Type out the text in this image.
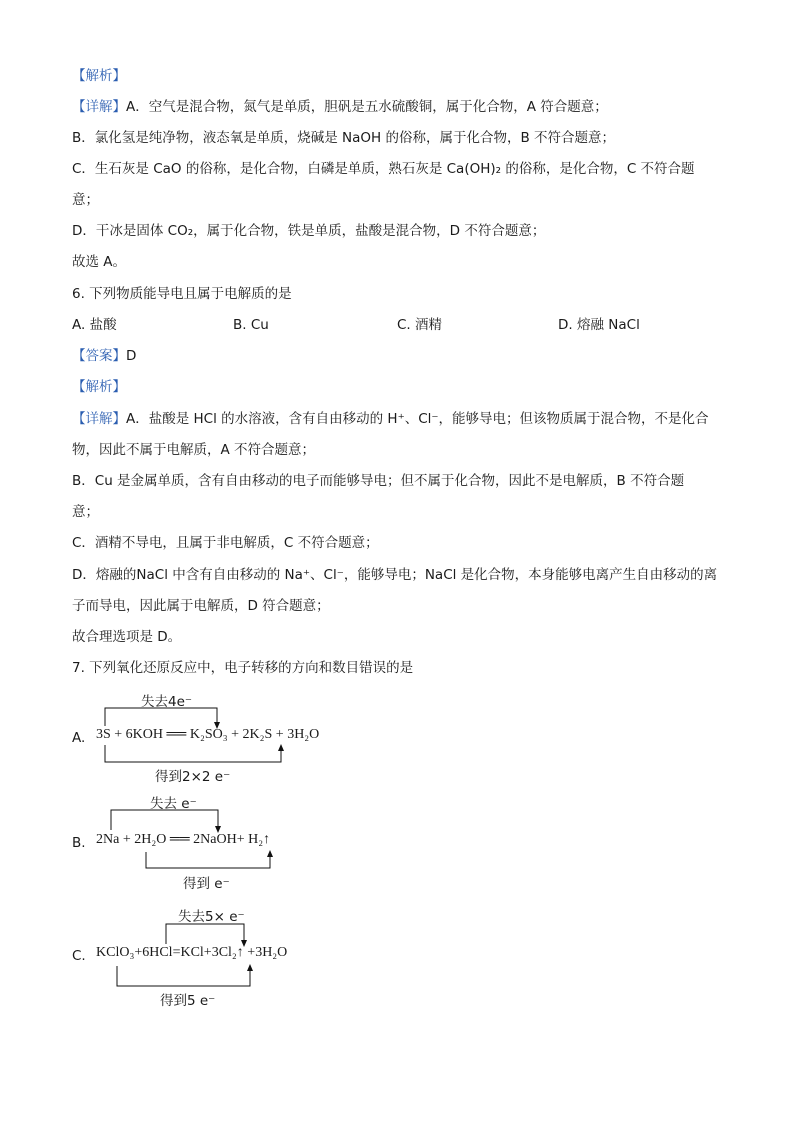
【解析】
【详解】A．空气是混合物，氮气是单质，胆矾是五水硫酸铜，属于化合物，A 符合题意；
B．氯化氢是纯净物，液态氧是单质，烧碱是 NaOH 的俗称，属于化合物，B 不符合题意；
C．生石灰是 CaO 的俗称，是化合物，白磷是单质，熟石灰是 Ca(OH)₂ 的俗称，是化合物，C 不符合题
意；
D．干冰是固体 CO₂，属于化合物，铁是单质，盐酸是混合物，D 不符合题意；
故选 A。
6. 下列物质能导电且属于电解质的是
A. 盐酸	B. Cu	C. 酒精	D. 熔融 NaCl
【答案】D
【解析】
【详解】A．盐酸是 HCl 的水溶液，含有自由移动的 H⁺、Cl⁻，能够导电；但该物质属于混合物，不是化合
物，因此不属于电解质，A 不符合题意；
B．Cu 是金属单质，含有自由移动的电子而能够导电；但不属于化合物，因此不是电解质，B 不符合题
意；
C．酒精不导电，且属于非电解质，C 不符合题意；
D．熔融的NaCl 中含有自由移动的 Na⁺、Cl⁻，能够导电；NaCl 是化合物，本身能够电离产生自由移动的离
子而导电，因此属于电解质，D 符合题意；
故合理选项是 D。
7. 下列氧化还原反应中，电子转移的方向和数目错误的是
失去4e⁻
A. 3S + 6KOH ══ K₂SO₃ + 2K₂S + 3H₂O
得到2×2 e⁻
失去 e⁻
B. 2Na + 2H₂O ══ 2NaOH+ H₂↑
得到 e⁻
失去5× e⁻
C. KClO₃+6HCl=KCl+3Cl₂↑ +3H₂O
得到5 e⁻
